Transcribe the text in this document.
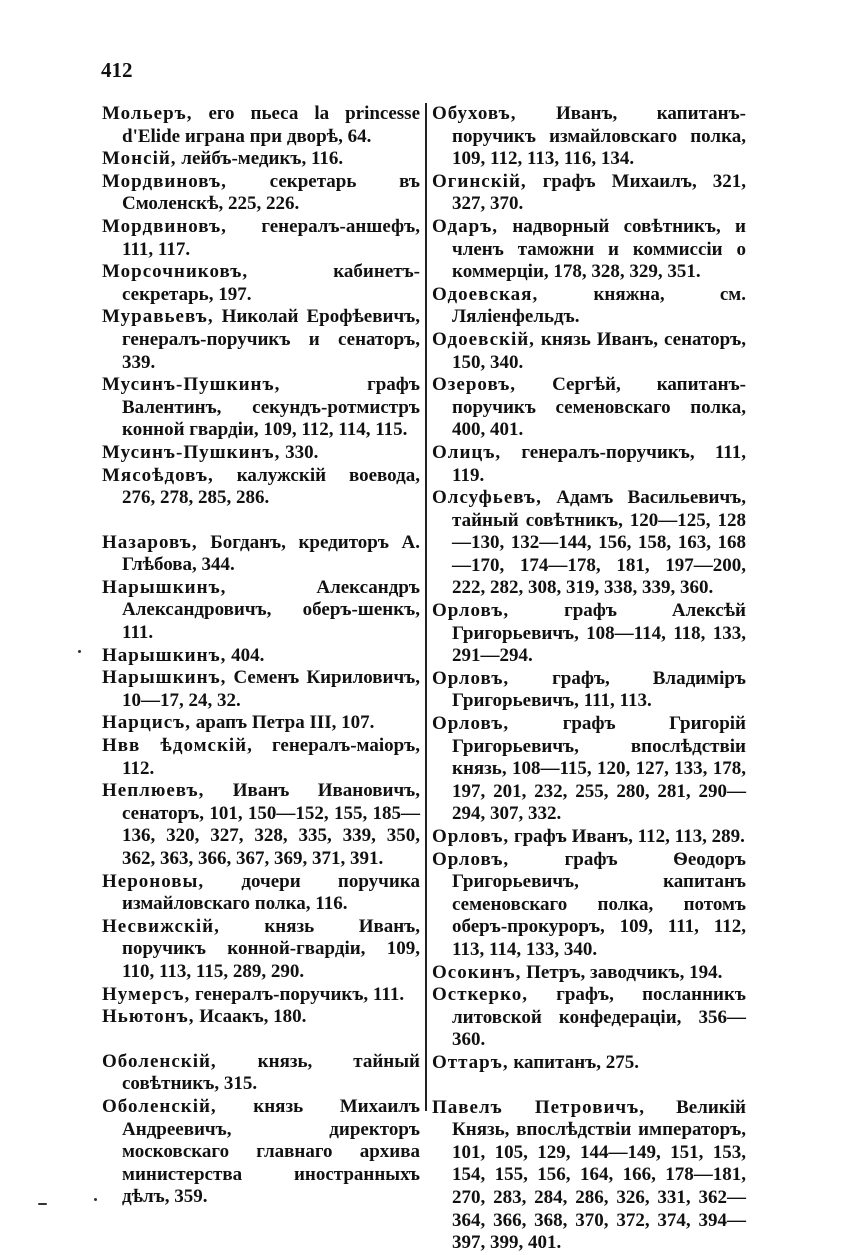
412
Мольеръ, его пьеса la princesse d'Elide играна при дворѣ, 64.
Монсій, лейбъ-медикъ, 116.
Мордвиновъ, секретарь въ Смоленскѣ, 225, 226.
Мордвиновъ, генералъ-аншефъ, 111, 117.
Морсочниковъ,	кабинетъ-секретарь, 197.
Муравьевъ, Николай Ерофѣевичъ, генералъ-поручикъ и сенаторъ, 339.
Мусинъ-Пушкинъ,	графъ Валентинъ, секундъ-ротмистръ конной гвардіи, 109, 112, 114, 115.
Мусинъ-Пушкинъ, 330.
Мясоѣдовъ, калужскій воевода, 276, 278, 285, 286.
Назаровъ, Богданъ, кредиторъ А. Глѣбова, 344.
Нарышкинъ,	Александръ Александровичъ, оберъ-шенкъ, 111.
Нарышкинъ, 404.
Нарышкинъ, Семенъ Кириловичъ, 10—17, 24, 32.
Нарцисъ, арапъ Петра III, 107.
Нвв ѣдомскій, генералъ-маіоръ, 112.
Неплюевъ, Иванъ Ивановичъ, сенаторъ, 101, 150—152, 155, 185—136, 320, 327, 328, 335, 339, 350, 362, 363, 366, 367, 369, 371, 391.
Нероновы, дочери поручика измайловскаго полка, 116.
Несвижскій, князь Иванъ, поручикъ конной-гвардіи, 109, 110, 113, 115, 289, 290.
Нумерсъ, генералъ-поручикъ, 111.
Ньютонъ, Исаакъ, 180.
Оболенскій, князь, тайный совѣтникъ, 315.
Оболенскій, князь Михаилъ Андреевичъ, директоръ московскаго главнаго архива министерства иностранныхъ дѣлъ, 359.
Обуховъ, Иванъ, капитанъ-поручикъ измайловскаго полка, 109, 112, 113, 116, 134.
Огинскій, графъ Михаилъ, 321, 327, 370.
Одаръ, надворный совѣтникъ, и членъ таможни и коммиссіи о коммерціи, 178, 328, 329, 351.
Одоевская,	княжна, см. Ляліенфельдъ.
Одоевскій, князь Иванъ, сенаторъ, 150, 340.
Озеровъ, Сергѣй, капитанъ-поручикъ семеновскаго полка, 400, 401.
Олицъ, генералъ-поручикъ, 111, 119.
Олсуфьевъ, Адамъ Васильевичъ, тайный совѣтникъ, 120—125, 128—130, 132—144, 156, 158, 163, 168—170, 174—178, 181, 197—200, 222, 282, 308, 319, 338, 339, 360.
Орловъ,	графъ Алексѣй Григорьевичъ, 108—114, 118, 133, 291—294.
Орловъ, графъ, Владиміръ Григорьевичъ, 111, 113.
Орловъ,	графъ Григорій Григорьевичъ, впослѣдствіи князь, 108—115, 120, 127, 133, 178, 197, 201, 232, 255, 280, 281, 290—294, 307, 332.
Орловъ, графъ Иванъ, 112, 113, 289.
Орловъ,	графъ Ѳеодоръ Григорьевичъ, капитанъ семеновскаго полка, потомъ оберъ-прокуроръ, 109, 111, 112, 113, 114, 133, 340.
Осокинъ, Петръ, заводчикъ, 194.
Осткерко, графъ, посланникъ литовской конфедераціи, 356—360.
Оттаръ, капитанъ, 275.
Павелъ Петровичъ, Великій Князь, впослѣдствіи императоръ, 101, 105, 129, 144—149, 151, 153, 154, 155, 156, 164, 166, 178—181, 270, 283, 284, 286, 326, 331, 362—364, 366, 368, 370, 372, 374, 394—397, 399, 401.
